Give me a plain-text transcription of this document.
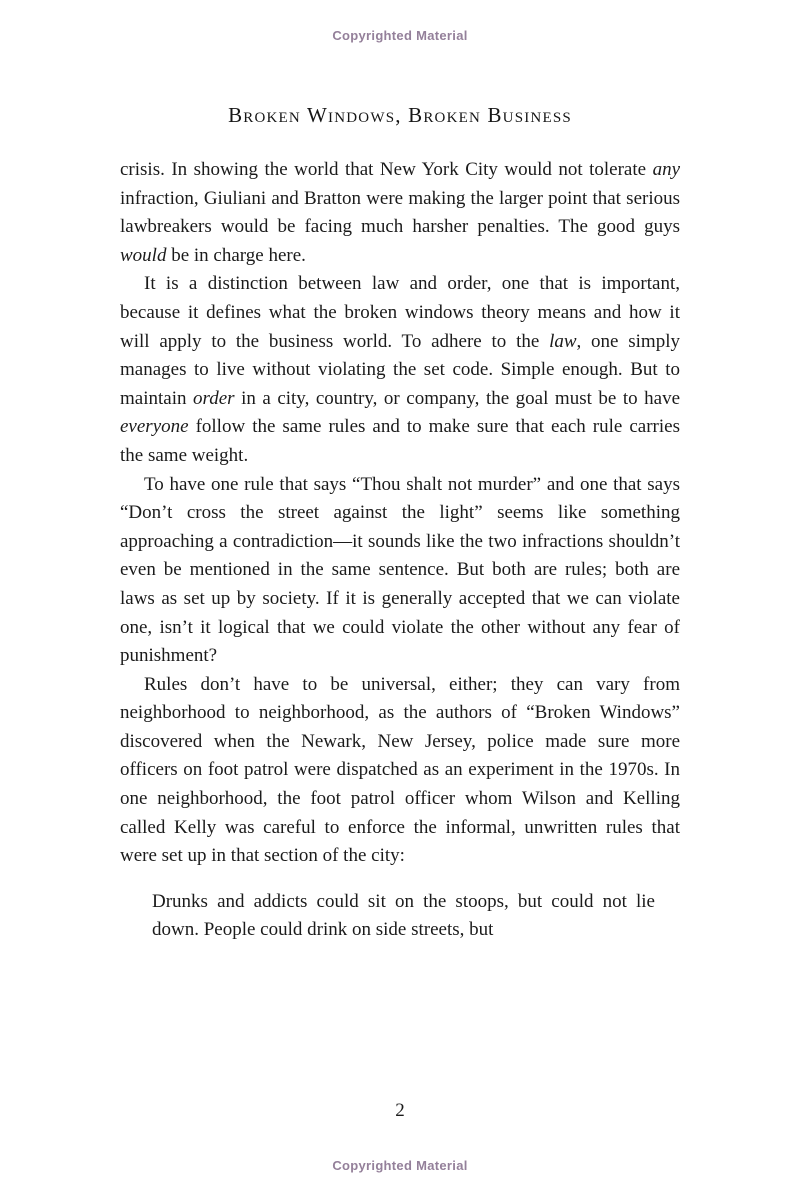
Copyrighted Material
Broken Windows, Broken Business

crisis. In showing the world that New York City would not tolerate any infraction, Giuliani and Bratton were making the larger point that serious lawbreakers would be facing much harsher penalties. The good guys would be in charge here.

It is a distinction between law and order, one that is important, because it defines what the broken windows theory means and how it will apply to the business world. To adhere to the law, one simply manages to live without violating the set code. Simple enough. But to maintain order in a city, country, or company, the goal must be to have everyone follow the same rules and to make sure that each rule carries the same weight.

To have one rule that says “Thou shalt not murder” and one that says “Don’t cross the street against the light” seems like something approaching a contradiction—it sounds like the two infractions shouldn’t even be mentioned in the same sentence. But both are rules; both are laws as set up by society. If it is generally accepted that we can violate one, isn’t it logical that we could violate the other without any fear of punishment?

Rules don’t have to be universal, either; they can vary from neighborhood to neighborhood, as the authors of “Broken Windows” discovered when the Newark, New Jersey, police made sure more officers on foot patrol were dispatched as an experiment in the 1970s. In one neighborhood, the foot patrol officer whom Wilson and Kelling called Kelly was careful to enforce the informal, unwritten rules that were set up in that section of the city:

Drunks and addicts could sit on the stoops, but could not lie down. People could drink on side streets, but

2
Copyrighted Material
